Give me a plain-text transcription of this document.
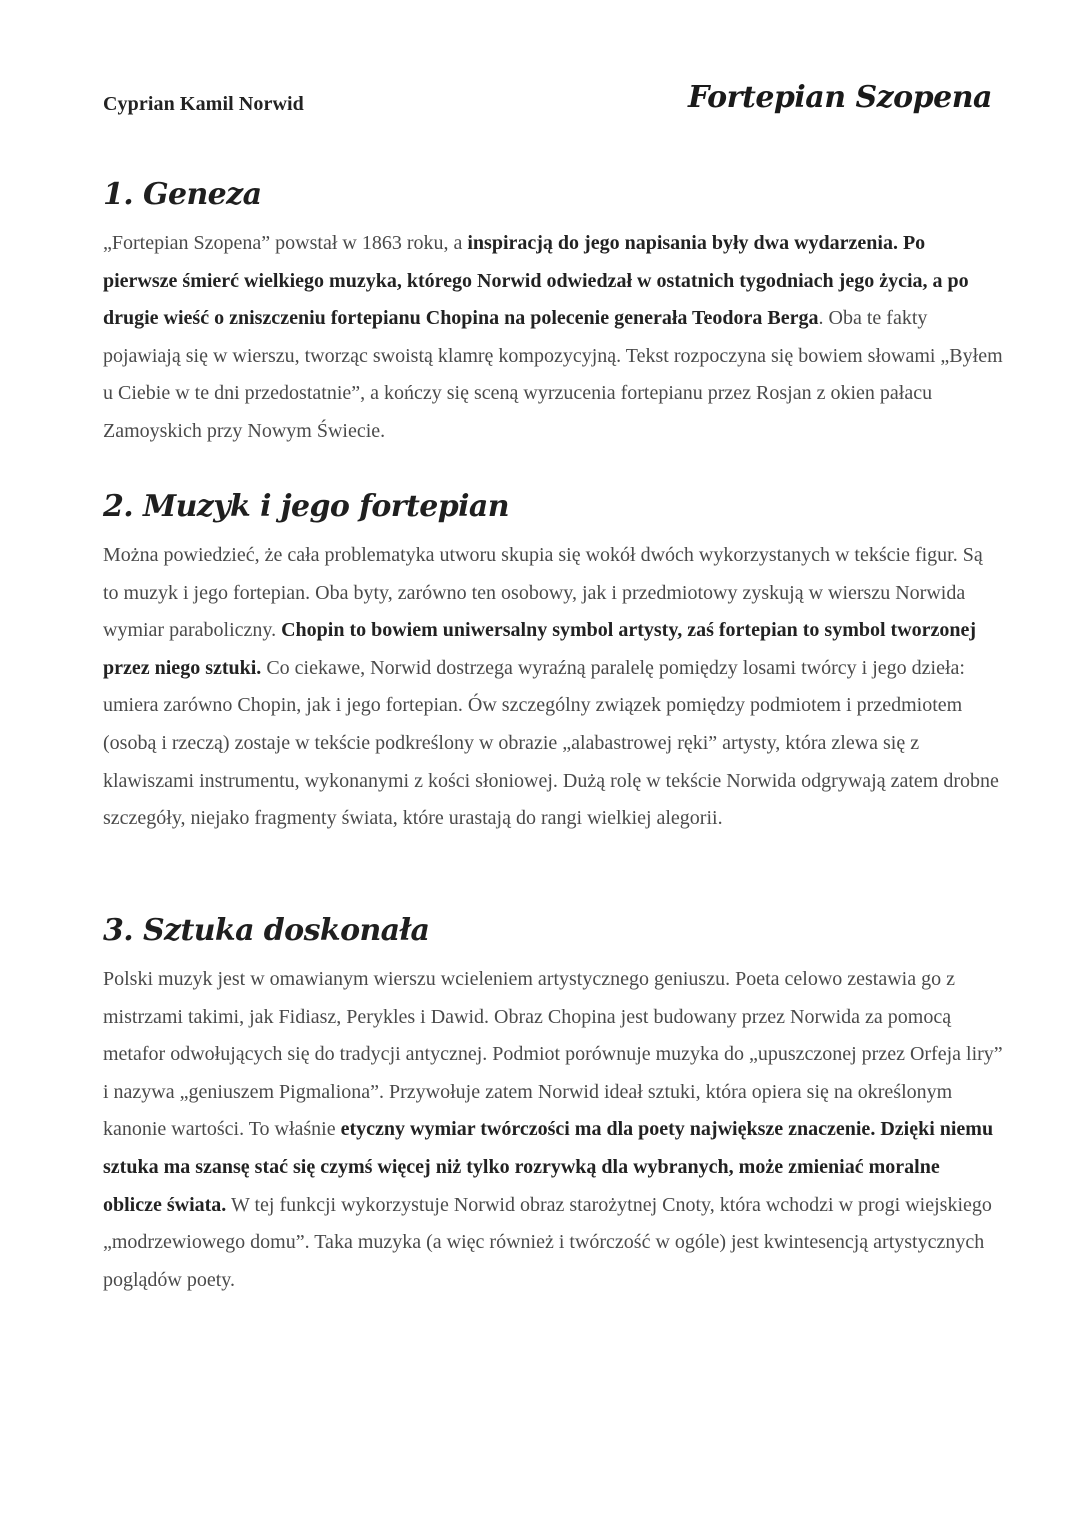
Cyprian Kamil Norwid	Fortepian Szopena
1. Geneza

„Fortepian Szopena” powstał w 1863 roku, a inspiracją do jego napisania były dwa wydarzenia. Po pierwsze śmierć wielkiego muzyka, którego Norwid odwiedzał w ostatnich tygodniach jego życia, a po drugie wieść o zniszczeniu fortepianu Chopina na polecenie generała Teodora Berga. Oba te fakty pojawiają się w wierszu, tworząc swoistą klamrę kompozycyjną. Tekst rozpoczyna się bowiem słowami „Byłem u Ciebie w te dni przedostatnie”, a kończy się sceną wyrzucenia fortepianu przez Rosjan z okien pałacu Zamoyskich przy Nowym Świecie.

2. Muzyk i jego fortepian

Można powiedzieć, że cała problematyka utworu skupia się wokół dwóch wykorzystanych w tekście figur. Są to muzyk i jego fortepian. Oba byty, zarówno ten osobowy, jak i przedmiotowy zyskują w wierszu Norwida wymiar paraboliczny. Chopin to bowiem uniwersalny symbol artysty, zaś fortepian to symbol tworzonej przez niego sztuki. Co ciekawe, Norwid dostrzega wyraźną paralelę pomiędzy losami twórcy i jego dzieła: umiera zarówno Chopin, jak i jego fortepian. Ów szczególny związek pomiędzy podmiotem i przedmiotem (osobą i rzeczą) zostaje w tekście podkreślony w obrazie „alabastrowej ręki” artysty, która zlewa się z klawiszami instrumentu, wykonanymi z kości słoniowej. Dużą rolę w tekście Norwida odgrywają zatem drobne szczegóły, niejako fragmenty świata, które urastają do rangi wielkiej alegorii.

3. Sztuka doskonała

Polski muzyk jest w omawianym wierszu wcieleniem artystycznego geniuszu. Poeta celowo zestawia go z mistrzami takimi, jak Fidiasz, Perykles i Dawid. Obraz Chopina jest budowany przez Norwida za pomocą metafor odwołujących się do tradycji antycznej. Podmiot porównuje muzyka do „upuszczonej przez Orfeja liry” i nazywa „geniuszem Pigmaliona”. Przywołuje zatem Norwid ideał sztuki, która opiera się na określonym kanonie wartości. To właśnie etyczny wymiar twórczości ma dla poety największe znaczenie. Dzięki niemu sztuka ma szansę stać się czymś więcej niż tylko rozrywką dla wybranych, może zmieniać moralne oblicze świata. W tej funkcji wykorzystuje Norwid obraz starożytnej Cnoty, która wchodzi w progi wiejskiego „modrzewiowego domu”. Taka muzyka (a więc również i twórczość w ogóle) jest kwintesencją artystycznych poglądów poety.
